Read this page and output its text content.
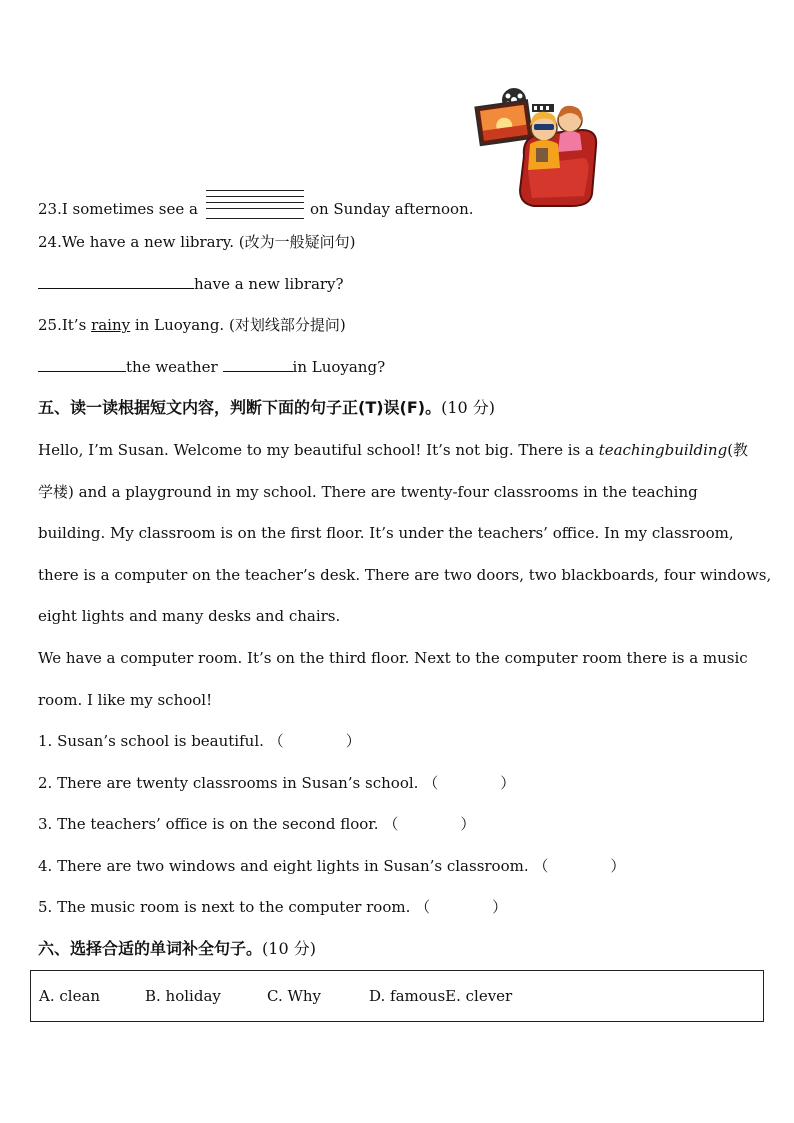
23.I sometimes see a	on Sunday afternoon.
24.We have a new library. (改为一般疑问句)
have a new library?
25.It’s rainy in Luoyang. (对划线部分提问)
the weather	in Luoyang?
五、读一读根据短文内容，判断下面的句子正(T)误(F)。(10 分)
Hello, I’m Susan. Welcome to my beautiful school! It’s not big. There is a teachingbuilding(教
学楼) and a playground in my school. There are twenty-four classrooms in the teaching
building. My classroom is on the first floor. It’s under the teachers’ office. In my classroom,
there is a computer on the teacher’s desk. There are two doors, two blackboards, four windows,
eight lights and many desks and chairs.
We have a computer room. It’s on the third floor. Next to the computer room there is a music
room. I like my school!
1. Susan’s school is beautiful. （	）
2. There are twenty classrooms in Susan’s school. （	）
3. The teachers’ office is on the second floor. （	）
4. There are two windows and eight lights in Susan’s classroom. （	）
5. The music room is next to the computer room. （	）
六、选择合适的单词补全句子。(10 分)
A. clean	B. holiday	C. Why	D. famousE. clever
